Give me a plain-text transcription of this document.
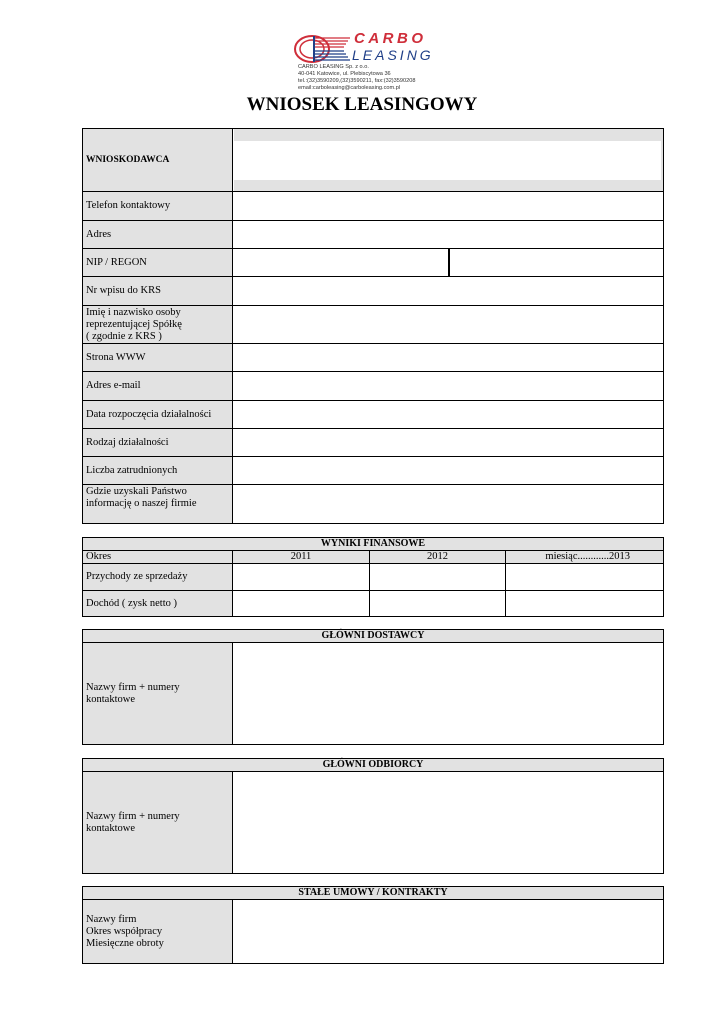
CARBO
LEASING
CARBO LEASING Sp. z o.o.
40-041 Katowice, ul. Plebiscytowa 36
tel.:(32)3590209,(32)3590211, fax:(32)3590208
email:carboleasing@carboleasing.com.pl
WNIOSEK LEASINGOWY
WNIOSKODAWCA
Telefon kontaktowy
Adres
NIP / REGON
Nr wpisu do KRS
Imię i nazwisko osoby
reprezentującej Spółkę
( zgodnie z KRS )
Strona WWW
Adres e-mail
Data rozpoczęcia działalności
Rodzaj działalności
Liczba zatrudnionych
Gdzie uzyskali Państwo
informację o naszej firmie
WYNIKI FINANSOWE
Okres	2011	2012	miesiąc............2013
Przychody ze sprzedaży
Dochód ( zysk netto )
GŁÓWNI DOSTAWCY
Nazwy firm + numery
kontaktowe
GŁÓWNI ODBIORCY
Nazwy firm + numery
kontaktowe
STAŁE UMOWY / KONTRAKTY
Nazwy firm
Okres współpracy
Miesięczne obroty
